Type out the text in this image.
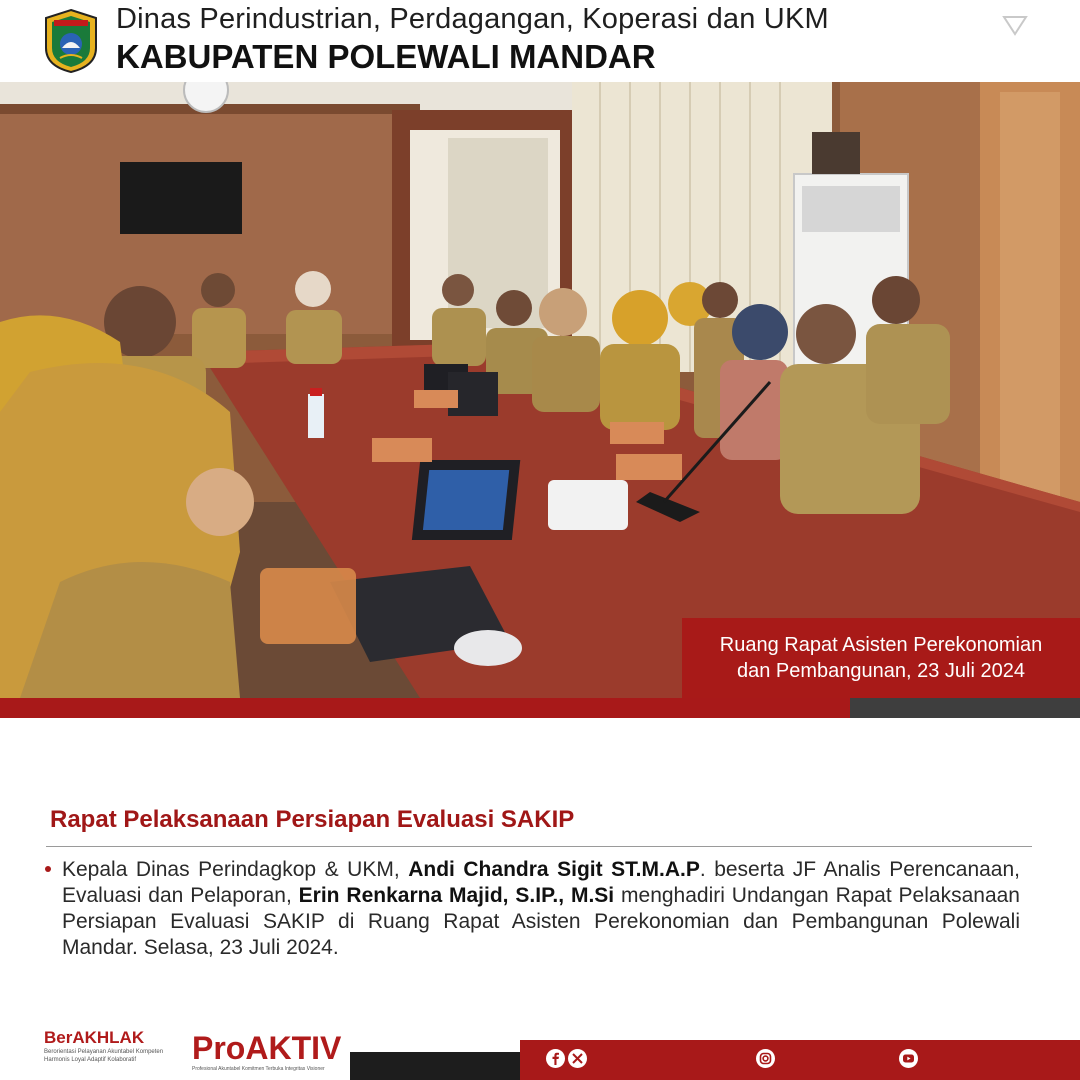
Dinas Perindustrian, Perdagangan, Koperasi dan UKM
KABUPATEN POLEWALI MANDAR
Ruang Rapat Asisten Perekonomian
dan Pembangunan, 23 Juli 2024
Rapat Pelaksanaan Persiapan Evaluasi SAKIP
Kepala Dinas Perindagkop & UKM, Andi Chandra Sigit ST.M.A.P. beserta JF Analis Perencanaan, Evaluasi dan Pelaporan, Erin Renkarna Majid, S.IP., M.Si menghadiri Undangan Rapat Pelaksanaan Persiapan Evaluasi SAKIP di Ruang Rapat Asisten Perekonomian dan Pembangunan Polewali Mandar. Selasa, 23 Juli 2024.
BerAKHLAK
Berorientasi Pelayanan Akuntabel Kompeten
Harmonis Loyal Adaptif Kolaboratif	ProAKTIV
Profesional Akuntabel Komitmen Terbuka Integritas Visioner
